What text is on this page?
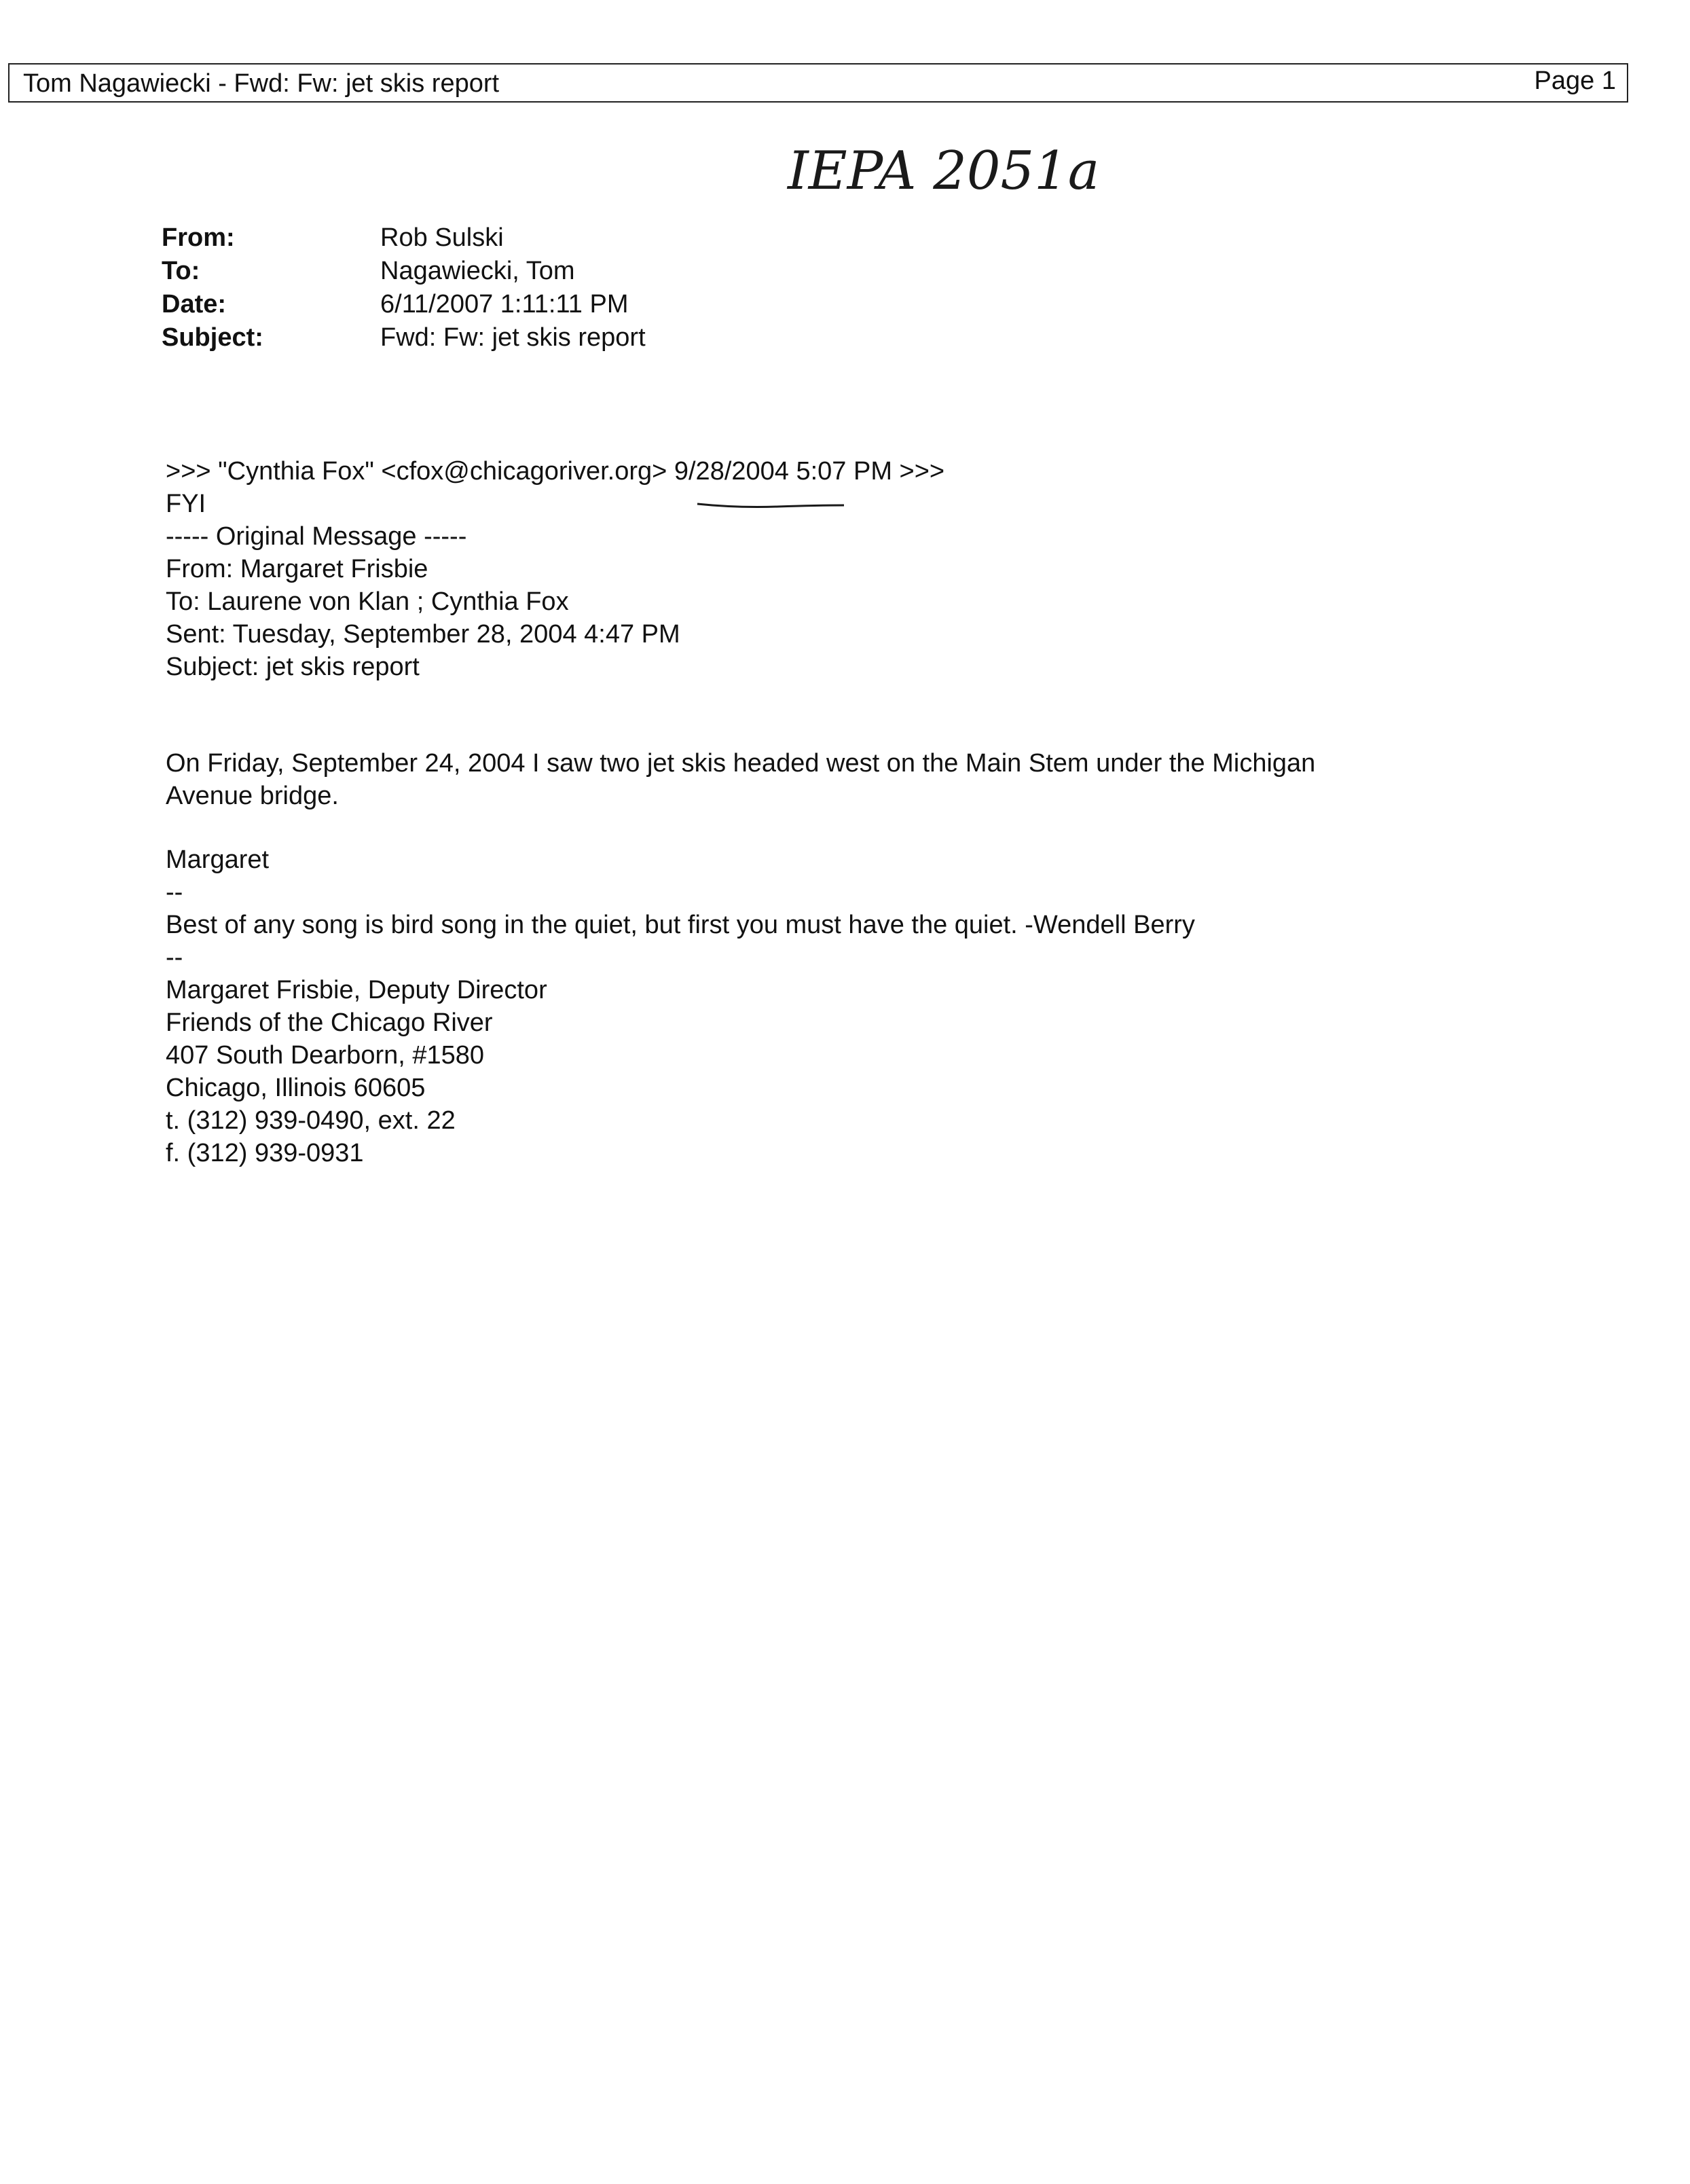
Tom Nagawiecki - Fwd: Fw: jet skis report	Page 1
IEPA 2051a
From:	Rob Sulski
To:	Nagawiecki, Tom
Date:	6/11/2007 1:11:11 PM
Subject:	Fwd: Fw: jet skis report
>>> "Cynthia Fox" <cfox@chicagoriver.org> 9/28/2004 5:07 PM >>>
FYI
----- Original Message -----
From: Margaret Frisbie
To: Laurene von Klan ; Cynthia Fox
Sent: Tuesday, September 28, 2004 4:47 PM
Subject: jet skis report
On Friday, September 24, 2004 I saw two jet skis headed west on the Main Stem under the Michigan
Avenue bridge.
Margaret
--
Best of any song is bird song in the quiet, but first you must have the quiet. -Wendell Berry
--
Margaret Frisbie, Deputy Director
Friends of the Chicago River
407 South Dearborn, #1580
Chicago, Illinois 60605
t. (312) 939-0490, ext. 22
f. (312) 939-0931
